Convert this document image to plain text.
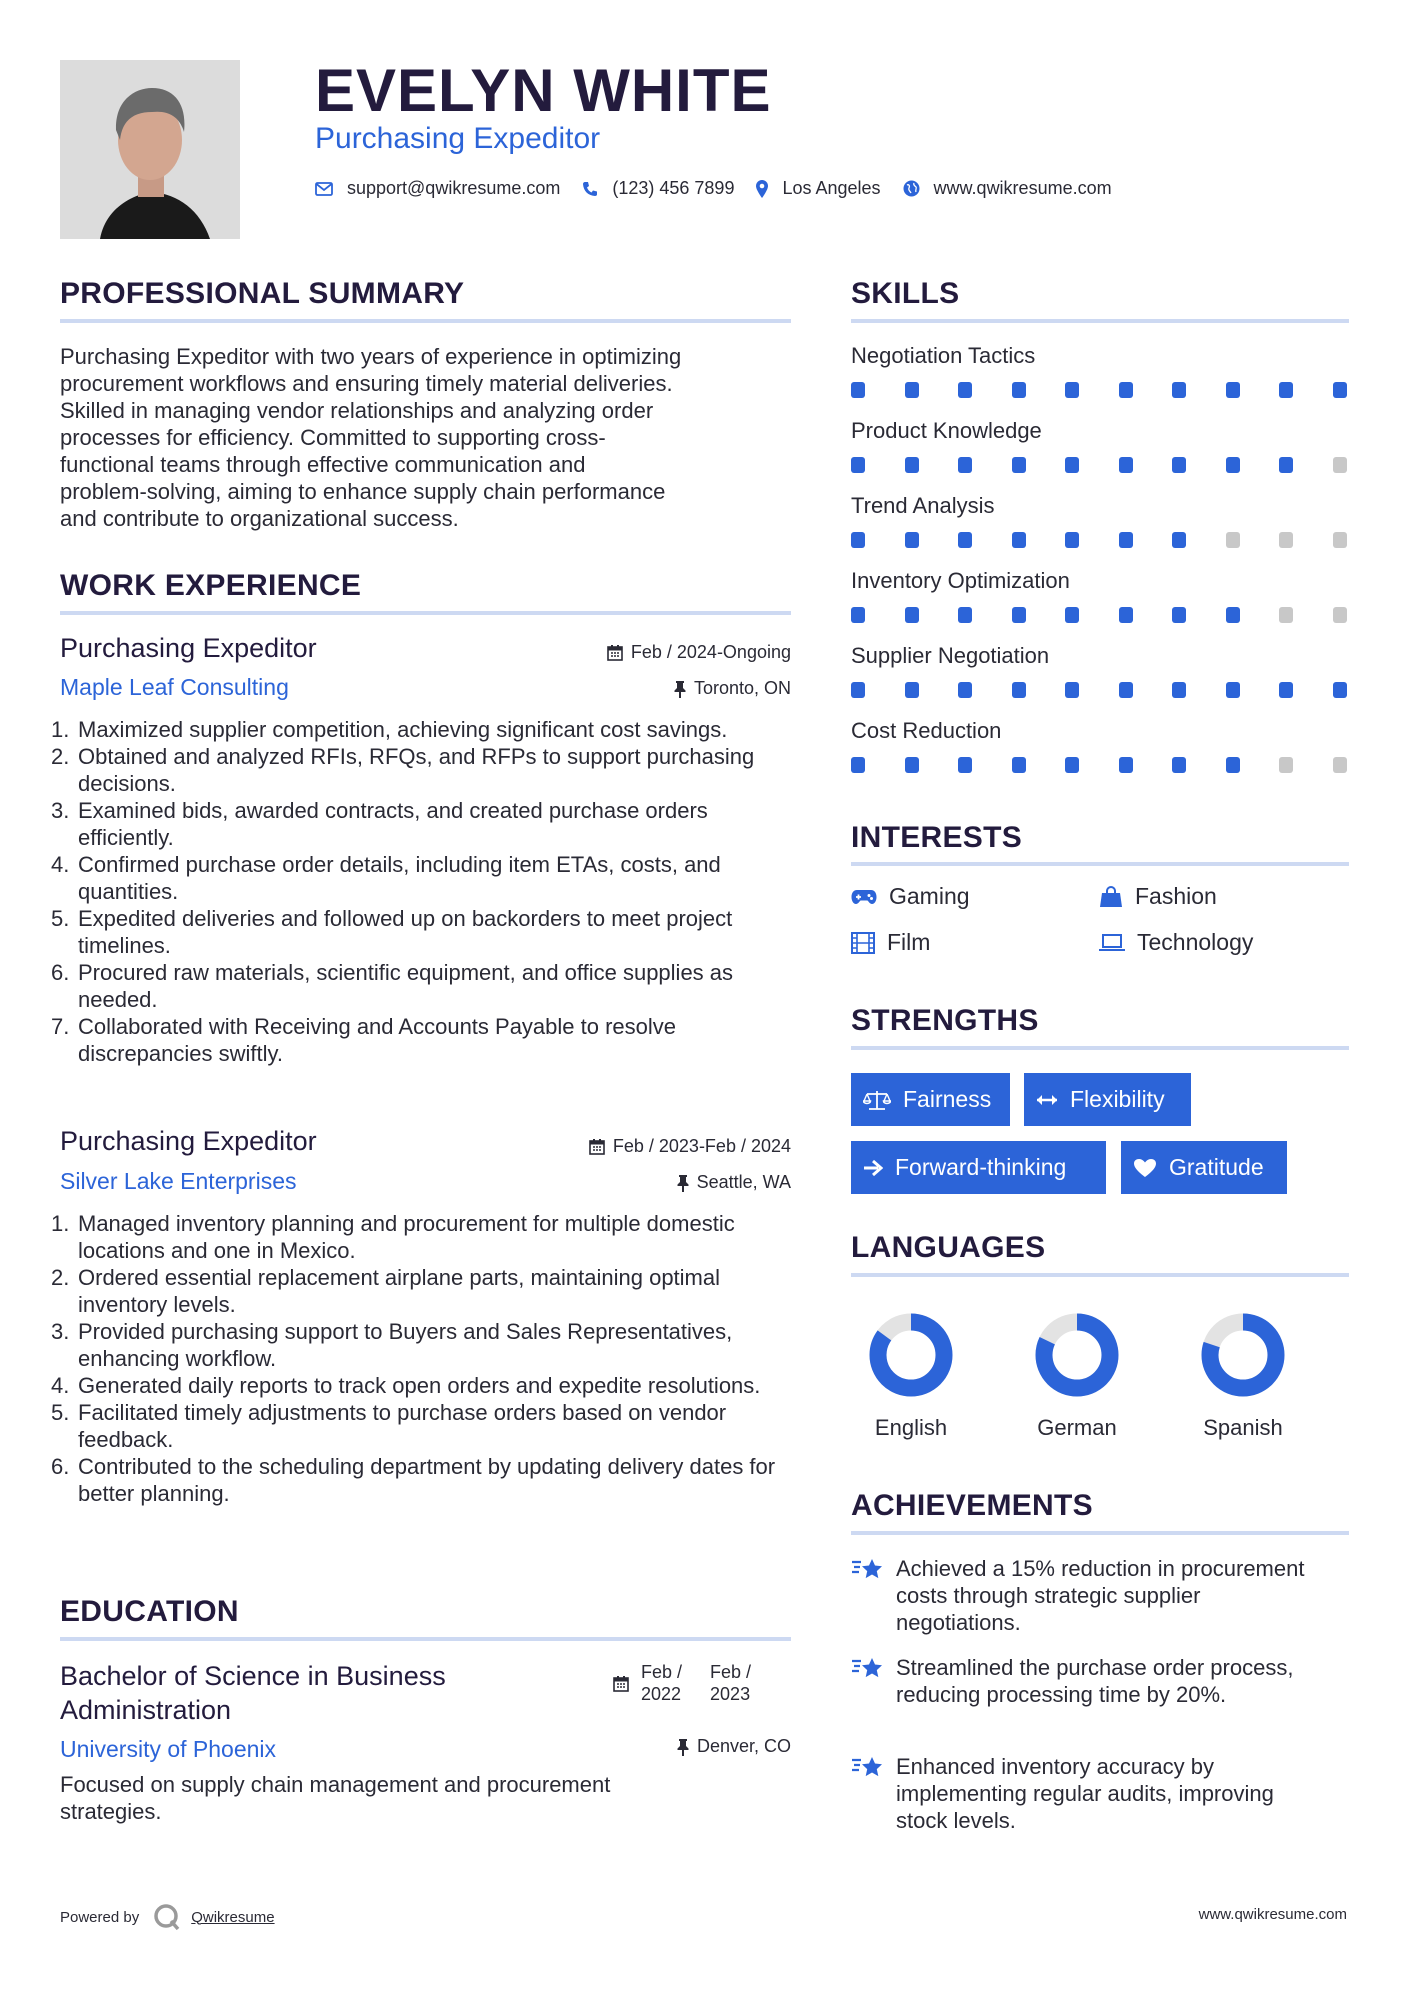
EVELYN WHITE
Purchasing Expeditor
support@qwikresume.com	(123) 456 7899	Los Angeles	www.qwikresume.com
PROFESSIONAL SUMMARY
Purchasing Expeditor with two years of experience in optimizing
procurement workflows and ensuring timely material deliveries.
Skilled in managing vendor relationships and analyzing order
processes for efficiency. Committed to supporting cross-
functional teams through effective communication and
problem-solving, aiming to enhance supply chain performance
and contribute to organizational success.
WORK EXPERIENCE
Purchasing Expeditor	Feb / 2024-Ongoing
Maple Leaf Consulting	Toronto, ON
Maximized supplier competition, achieving significant cost savings.
Obtained and analyzed RFIs, RFQs, and RFPs to support purchasing decisions.
Examined bids, awarded contracts, and created purchase orders efficiently.
Confirmed purchase order details, including item ETAs, costs, and quantities.
Expedited deliveries and followed up on backorders to meet project timelines.
Procured raw materials, scientific equipment, and office supplies as needed.
Collaborated with Receiving and Accounts Payable to resolve discrepancies swiftly.
Purchasing Expeditor	Feb / 2023-Feb / 2024
Silver Lake Enterprises	Seattle, WA
Managed inventory planning and procurement for multiple domestic locations and one in Mexico.
Ordered essential replacement airplane parts, maintaining optimal inventory levels.
Provided purchasing support to Buyers and Sales Representatives, enhancing workflow.
Generated daily reports to track open orders and expedite resolutions.
Facilitated timely adjustments to purchase orders based on vendor feedback.
Contributed to the scheduling department by updating delivery dates for better planning.
EDUCATION
Bachelor of Science in Business
Administration
Feb /
2022
Feb /
2023
University of Phoenix	Denver, CO
Focused on supply chain management and procurement
strategies.
SKILLS
Negotiation Tactics
Product Knowledge
Trend Analysis
Inventory Optimization
Supplier Negotiation
Cost Reduction
INTERESTS
Gaming	Fashion
Film	Technology
STRENGTHS
Fairness	Flexibility
Forward-thinking	Gratitude
LANGUAGES
English	German	Spanish
ACHIEVEMENTS
Achieved a 15% reduction in procurement costs through strategic supplier negotiations.
Streamlined the purchase order process, reducing processing time by 20%.
Enhanced inventory accuracy by implementing regular audits, improving stock levels.
Powered by	Qwikresume	www.qwikresume.com
